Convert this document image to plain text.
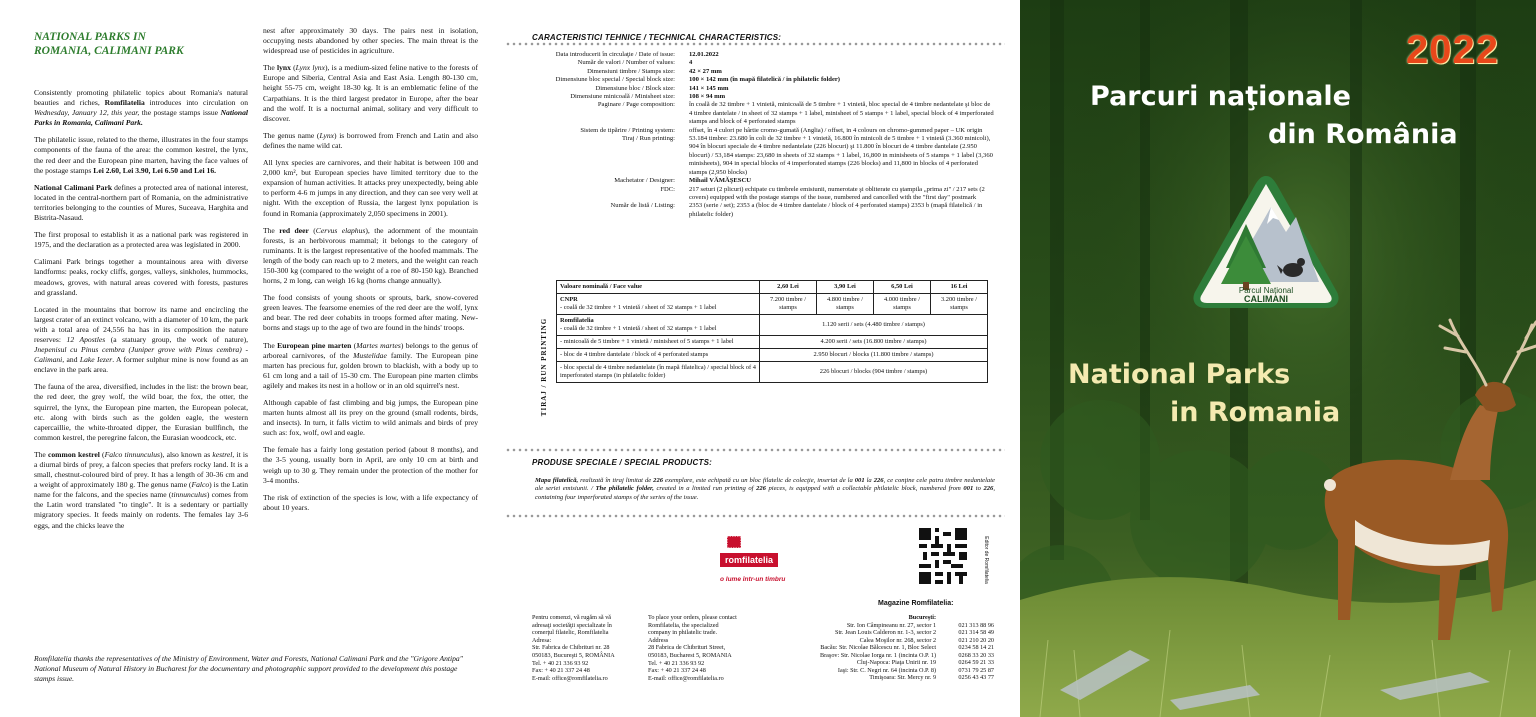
NATIONAL PARKS IN
ROMANIA, CALIMANI PARK

Consistently promoting philatelic topics about Romania's natural beauties and riches, Romfilatelia introduces into circulation on Wednesday, January 12, this year, the postage stamps issue National Parks in Romania, Calimani Park.

The philatelic issue, related to the theme, illustrates in the four stamps components of the fauna of the area: the common kestrel, the lynx, the red deer and the European pine marten, having the face values of the postage stamps Lei 2.60, Lei 3.90, Lei 6.50 and Lei 16.

National Calimani Park defines a protected area of national interest, located in the central-northern part of Romania, on the administrative territories belonging to the counties of Mures, Suceava, Harghita and Bistrita-Nasaud.

The first proposal to establish it as a national park was registered in 1975, and the declaration as a protected area was legislated in 2000.

Calimani Park brings together a mountainous area with diverse landforms: peaks, rocky cliffs, gorges, valleys, sinkholes, hummocks, meadows, groves, with natural areas covered with forests, pastures and grassland.

Located in the mountains that borrow its name and encircling the largest crater of an extinct volcano, with a diameter of 10 km, the park with a total area of 24,556 ha has in its composition the nature reserves: 12 Apostles (a statuary group, the work of nature), Jnepenisul cu Pinus cembra (Juniper grove with Pinus cembra) - Calimani, and Lake Iezer. A former sulphur mine is now found as an enclave in the park area.

The fauna of the area, diversified, includes in the list: the brown bear, the red deer, the grey wolf, the wild boar, the fox, the otter, the squirrel, the lynx, the European pine marten, the European polecat, etc. along with birds such as the golden eagle, the western capercaillie, the white-throated dipper, the Eurasian bullfinch, the common kestrel, the peregrine falcon, the Eurasian woodcock, etc.

The common kestrel (Falco tinnunculus), also known as kestrel, it is a diurnal birds of prey, a falcon species that prefers rocky land. It is a small, chestnut-coloured bird of prey. It has a length of 30-36 cm and a weight of approximately 180 g. The genus name (Falco) is the Latin name for the falcons, and the species name (tinnunculus) comes from the Latin word translated "to tingle". It is a sedentary or partially migratory species. It feeds mainly on rodents. The females lay 3-6 eggs, and the chicks leave the

nest after approximately 30 days. The pairs nest in isolation, occupying nests abandoned by other species. The main threat is the widespread use of pesticides in agriculture.

The lynx (Lynx lynx), is a medium-sized feline native to the forests of Europe and Siberia, Central Asia and East Asia. Length 80-130 cm, height 55-75 cm, weight 18-30 kg. It is an emblematic feline of the Carpathians. It is the third largest predator in Europe, after the bear and the wolf. It is a nocturnal animal, solitary and very difficult to discover.

The genus name (Lynx) is borrowed from French and Latin and also defines the name wild cat.

All lynx species are carnivores, and their habitat is between 100 and 2,000 km², but European species have limited territory due to the expansion of human activities. It attacks prey unexpectedly, being able to perform 4-6 m jumps in any direction, and they can see very well at night. With the exception of Russia, the largest lynx population is found in Romania (approximately 2,050 specimens in 2001).

The red deer (Cervus elaphus), the adornment of the mountain forests, is an herbivorous mammal; it belongs to the category of ruminants. It is the largest representative of the hoofed mammals. The length of the body can reach up to 2 meters, and the weight can reach 150-300 kg (compared to the weight of a roe of 80-150 kg). Branched horns, 2 m long, can weigh 16 kg (horns change annually).

The food consists of young shoots or sprouts, bark, snow-covered green leaves. The fearsome enemies of the red deer are the wolf, lynx and bear. The red deer cohabits in troops formed after mating. New-borns and stags up to the age of two are found in the hinds' troops.

The European pine marten (Martes martes) belongs to the genus of arboreal carnivores, of the Mustelidae family. The European pine marten has precious fur, golden brown to blackish, with a body up to 61 cm long and a tail of 15-30 cm. The European pine marten climbs agilely and makes its nest in a hollow or in an old squirrel's nest.

Although capable of fast climbing and big jumps, the European pine marten hunts almost all its prey on the ground (small rodents, birds, and insects). In turn, it falls victim to wild animals and birds of prey such as: fox, wolf, owl and eagle.

The female has a fairly long gestation period (about 8 months), and the 3-5 young, usually born in April, are only 10 cm at birth and weigh up to 30 g. They remain under the protection of the mother for 3-4 months.

The risk of extinction of the species is low, with a life expectancy of about 10 years.

Romfilatelia thanks the representatives of the Ministry of Environment, Water and Forests, National Calimani Park and the "Grigore Antipa" National Museum of Natural History in Bucharest for the documentary and photographic support provided to the development this postage stamps issue.
CARACTERISTICI TEHNICE / TECHNICAL CHARACTERISTICS:
Data introducerii în circulaţie / Date of issue:	12.01.2022
Număr de valori / Number of values:	4
Dimensiuni timbre / Stamps size:	42 × 27 mm
Dimensiune bloc special / Special block size:	100 × 142 mm (în mapă filatelică / in philatelic folder)
Dimensiune bloc / Block size:	141 × 145 mm
Dimensiune minicoală / Minisheet size:	108 × 94 mm
Paginare / Page composition:	în coală de 32 timbre + 1 vinietă, minicoală de 5 timbre + 1 vinietă, bloc special de 4 timbre nedantelate şi bloc de 4 timbre dantelate / in sheet of 32 stamps + 1 label, minisheet of 5 stamps + 1 label, special block of 4 imperforated stamps and block of 4 perforated stamps
Sistem de tipărire / Printing system:	offset, în 4 culori pe hârtie cromo-gumată (Anglia) / offset, in 4 colours on chromo-gummed paper – UK origin
Tiraj / Run printing:	53.184 timbre: 23.680 în coli de 32 timbre + 1 vinietă, 16.800 în minicoli de 5 timbre + 1 vinietă (3.360 minicoli), 904 în blocuri speciale de 4 timbre nedantelate (226 blocuri) şi 11.800 în blocuri de 4 timbre dantelate (2.950 blocuri) / 53,184 stamps: 23,680 in sheets of 32 stamps + 1 label, 16,800 in minisheets of 5 stamps + 1 label (3,360 minisheets), 904 in special blocks of 4 imperforated stamps (226 blocks) and 11,800 in blocks of 4 perforated stamps (2,950 blocks)
Machetator / Designer:	Mihail VĂMĂŞESCU
FDC:	217 seturi (2 plicuri) echipate cu timbrele emisiunii, numerotate şi obliterate cu ştampila „prima zi" / 217 sets (2 covers) equipped with the postage stamps of the issue, numbered and cancelled with the "first day" postmark
Număr de listă / Listing:	2353 (serie / set); 2353 a (bloc de 4 timbre dantelate / block of 4 perforated stamps) 2353 b (mapă filatelică / in philatelic folder)
TIRAJ / RUN PRINTING
Valoare nominală / Face value	2,60 Lei	3,90 Lei	6,50 Lei	16 Lei
CNPR
- coală de 32 timbre + 1 vinietă / sheet of 32 stamps + 1 label	7.200 timbre / stamps	4.800 timbre / stamps	4.000 timbre / stamps	3.200 timbre / stamps
Romfilatelia
- coală de 32 timbre + 1 vinietă / sheet of 32 stamps + 1 label	1.120 serii / sets (4.480 timbre / stamps)			
- minicoală de 5 timbre + 1 vinietă / minisheet of 5 stamps + 1 label	4.200 serii / sets (16.800 timbre / stamps)			
- bloc de 4 timbre dantelate / block of 4 perforated stamps	2.950 blocuri / blocks (11.800 timbre / stamps)			
- bloc special de 4 timbre nedantelate (în mapă filatelica) / special block of 4 imperforated stamps (in philatelic folder)	226 blocuri / blocks (904 timbre / stamps)			
PRODUSE SPECIALE / SPECIAL PRODUCTS:
Mapa filatelică, realizată în tiraj limitat de 226 exemplare, este echipată cu un bloc filatelic de colecţie, inseriat de la 001 la 226, ce conţine cele patru timbre nedantelate ale seriei emisiunii. / The philatelic folder, created in a limited run printing of 226 pieces, is equipped with a collectable philatelic block, numbered from 001 to 226, containing four imperforated stamps of the series of the issue.
romfilatelia
o lume într-un timbru	Editor de Romfilatelia
Pentru comenzi, vă rugăm să vă
adresaţi societăţii specializate în
comerţul filatelic, Romfilatelia
Adresa:
Str. Fabrica de Chibrituri nr. 28
050183, Bucureşti 5, ROMÂNIA
Tel. + 40 21 336 93 92
Fax: + 40 21 337 24 48
E-mail: office@romfilatelia.ro
To place your orders, please contact
Romfilatelia, the specialized
company in philatelic trade.
Address
28 Fabrica de Chibrituri Street,
050183, Bucharest 5, ROMANIA
Tel. + 40 21 336 93 92
Fax: + 40 21 337 24 48
E-mail: office@romfilatelia.ro
Magazine Romfilatelia:
Bucureşti:	
Str. Ion Câmpineanu nr. 27, sector 1	021 313 88 96
Str. Jean Louis Calderon nr. 1-3, sector 2	021 314 58 49
Calea Moşilor nr. 268, sector 2	021 210 20 20
Bacău: Str. Nicolae Bălcescu nr. 1, Bloc Select	0234 58 14 21
Braşov: Str. Nicolae Iorga nr. 1 (incinta O.P. 1)	0268 33 20 33
Cluj-Napoca: Piaţa Unirii nr. 19	0264 59 21 33
Iaşi: Str. C. Negri nr. 64 (incinta O.P. 8)	0731 79 25 87
Timişoara: Str. Mercy nr. 9	0256 43 43 77
2022
Parcuri naţionale
din România
Parcul Naţional
CALIMANI
National Parks
in Romania
